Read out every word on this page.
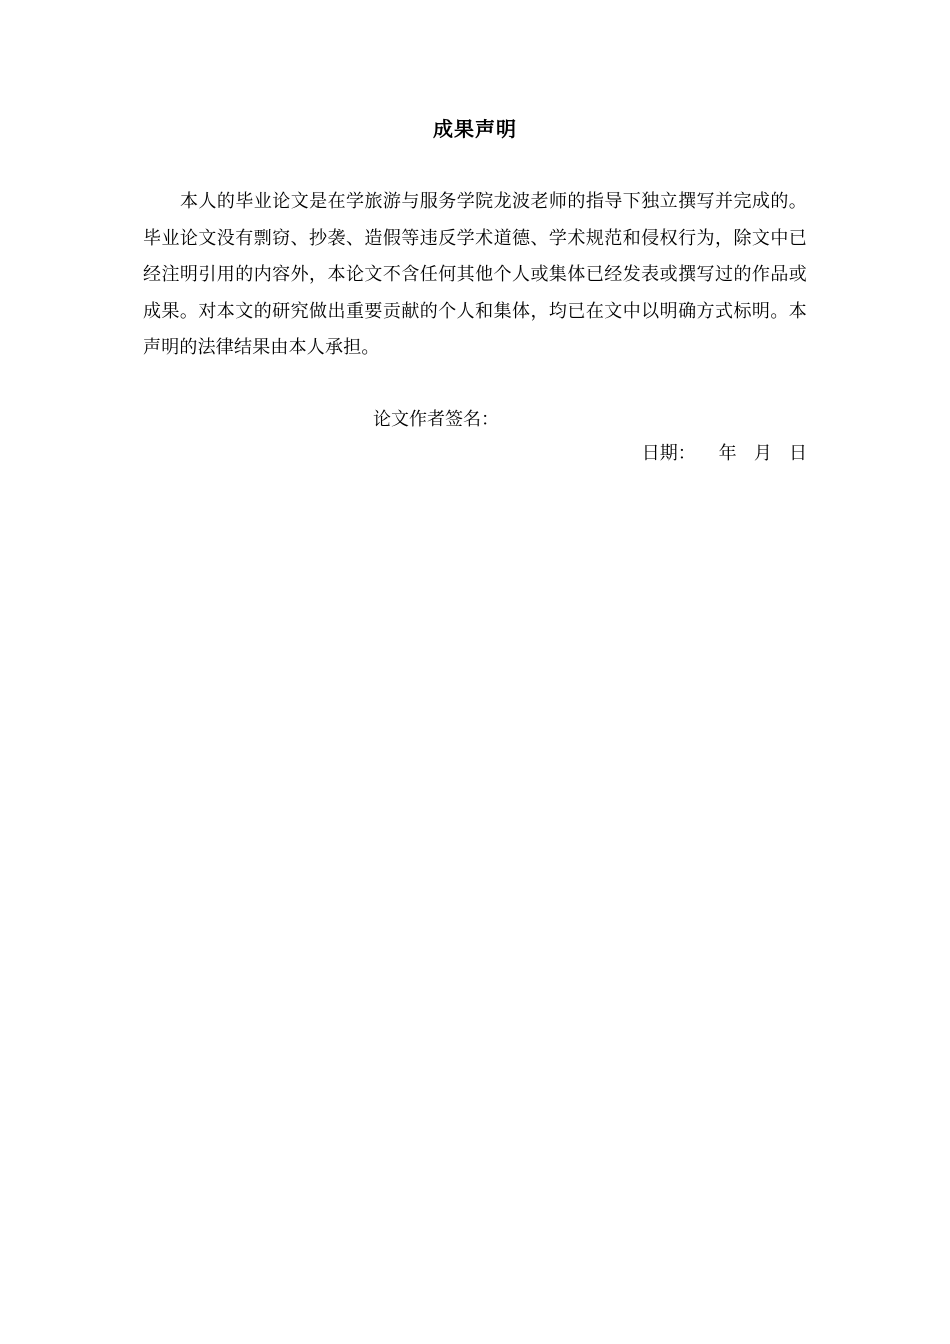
成果声明

本人的毕业论文是在学旅游与服务学院龙波老师的指导下独立撰写并完成的。毕业论文没有剽窃、抄袭、造假等违反学术道德、学术规范和侵权行为，除文中已经注明引用的内容外，本论文不含任何其他个人或集体已经发表或撰写过的作品或成果。对本文的研究做出重要贡献的个人和集体，均已在文中以明确方式标明。本声明的法律结果由本人承担。

论文作者签名：
日期：    年   月   日
